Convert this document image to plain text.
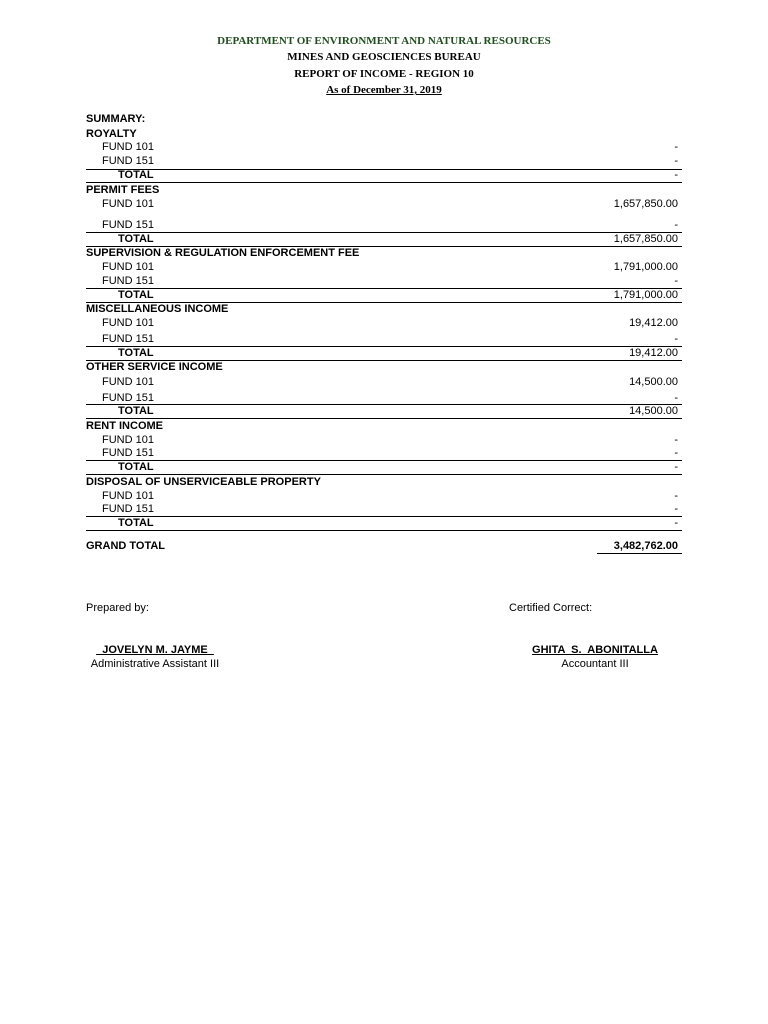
DEPARTMENT OF ENVIRONMENT AND NATURAL RESOURCES
MINES AND GEOSCIENCES BUREAU
REPORT OF INCOME - REGION 10
As of December 31, 2019
SUMMARY:
ROYALTY
FUND 101	-
FUND 151	-
TOTAL	-
PERMIT FEES
FUND 101	1,657,850.00
FUND 151	-
TOTAL	1,657,850.00
SUPERVISION & REGULATION ENFORCEMENT FEE
FUND 101	1,791,000.00
FUND 151	-
TOTAL	1,791,000.00
MISCELLANEOUS INCOME
FUND 101	19,412.00
FUND 151	-
TOTAL	19,412.00
OTHER SERVICE INCOME
FUND 101	14,500.00
FUND 151	-
TOTAL	14,500.00
RENT INCOME
FUND 101	-
FUND 151	-
TOTAL	-
DISPOSAL OF UNSERVICEABLE PROPERTY
FUND 101	-
FUND 151	-
TOTAL	-
GRAND TOTAL	3,482,762.00
Prepared by:	Certified Correct:
JOVELYN M. JAYME
Administrative Assistant III
GHITA  S.  ABONITALLA
Accountant III
